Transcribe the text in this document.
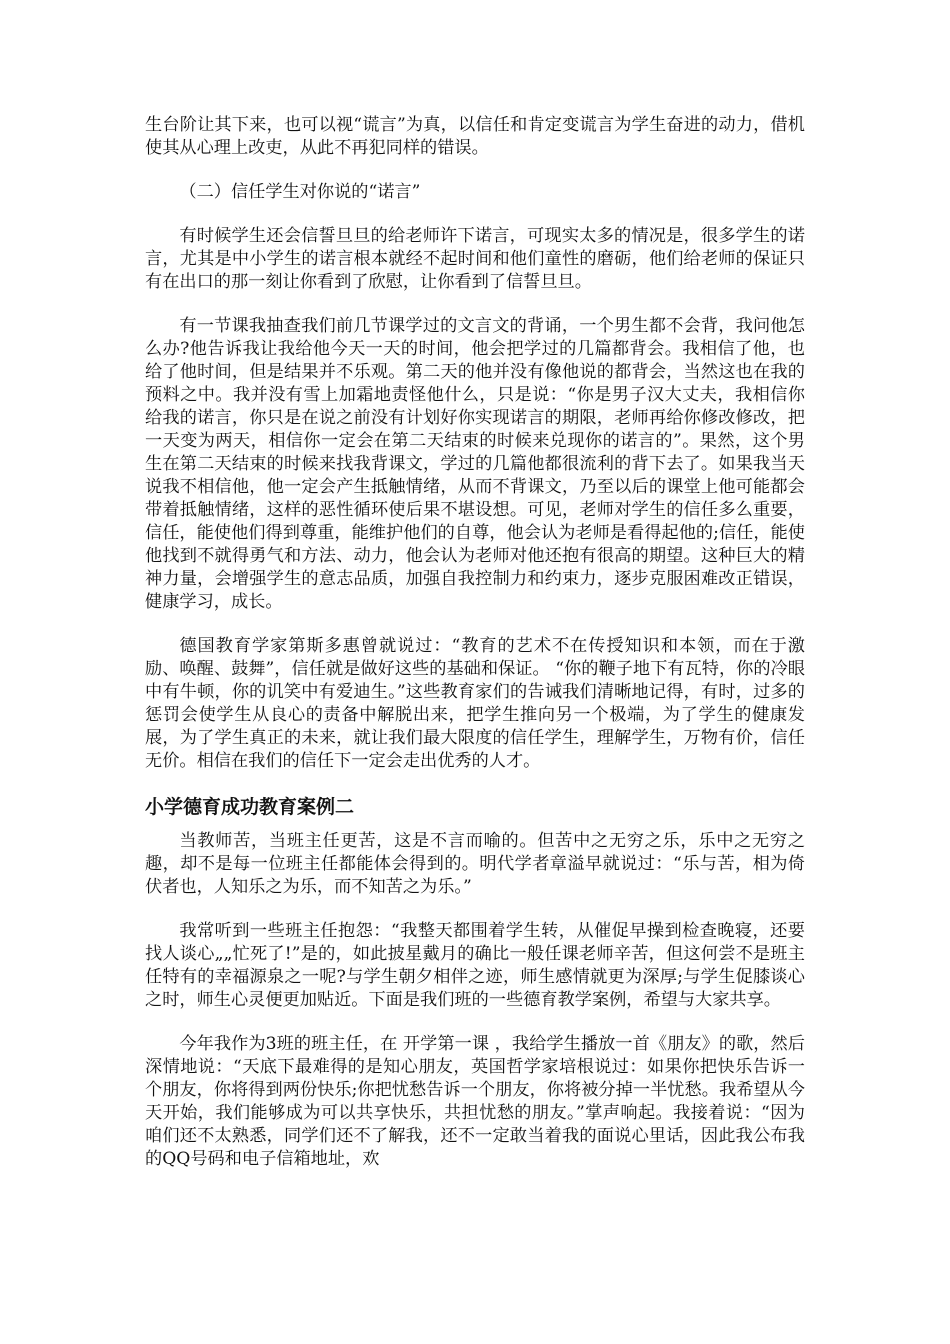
生台阶让其下来，也可以视“谎言”为真，以信任和肯定变谎言为学生奋进的动力，借机使其从心理上改吏，从此不再犯同样的错误。

（二）信任学生对你说的“诺言”

有时候学生还会信誓旦旦的给老师许下诺言，可现实太多的情况是，很多学生的诺言，尤其是中小学生的诺言根本就经不起时间和他们童性的磨砺，他们给老师的保证只有在出口的那一刻让你看到了欣慰，让你看到了信誓旦旦。

有一节课我抽查我们前几节课学过的文言文的背诵，一个男生都不会背，我问他怎么办?他告诉我让我给他今天一天的时间，他会把学过的几篇都背会。我相信了他，也给了他时间，但是结果并不乐观。第二天的他并没有像他说的都背会，当然这也在我的预料之中。我并没有雪上加霜地责怪他什么，只是说：“你是男子汉大丈夫，我相信你给我的诺言，你只是在说之前没有计划好你实现诺言的期限，老师再给你修改修改，把一天变为两天，相信你一定会在第二天结束的时候来兑现你的诺言的”。果然，这个男生在第二天结束的时候来找我背课文，学过的几篇他都很流利的背下去了。如果我当天说我不相信他，他一定会产生抵触情绪，从而不背课文，乃至以后的课堂上他可能都会带着抵触情绪，这样的恶性循环使后果不堪设想。可见，老师对学生的信任多么重要，信任，能使他们得到尊重，能维护他们的自尊，他会认为老师是看得起他的;信任，能使他找到不就得勇气和方法、动力，他会认为老师对他还抱有很高的期望。这种巨大的精神力量，会增强学生的意志品质，加强自我控制力和约束力，逐步克服困难改正错误，健康学习，成长。

德国教育学家第斯多惠曾就说过：“教育的艺术不在传授知识和本领，而在于激励、唤醒、鼓舞”，信任就是做好这些的基础和保证。 “你的鞭子地下有瓦特，你的冷眼中有牛顿，你的讥笑中有爱迪生。”这些教育家们的告诫我们清晰地记得，有时，过多的惩罚会使学生从良心的责备中解脱出来，把学生推向另一个极端，为了学生的健康发展，为了学生真正的未来，就让我们最大限度的信任学生，理解学生，万物有价，信任无价。相信在我们的信任下一定会走出优秀的人才。

小学德育成功教育案例二

当教师苦，当班主任更苦，这是不言而喻的。但苦中之无穷之乐，乐中之无穷之趣，却不是每一位班主任都能体会得到的。明代学者章溢早就说过：“乐与苦，相为倚伏者也，人知乐之为乐，而不知苦之为乐。”

我常听到一些班主任抱怨：“我整天都围着学生转，从催促早操到检查晚寝，还要找人谈心„„忙死了!”是的，如此披星戴月的确比一般任课老师辛苦，但这何尝不是班主任特有的幸福源泉之一呢?与学生朝夕相伴之迹，师生感情就更为深厚;与学生促膝谈心之时，师生心灵便更加贴近。下面是我们班的一些德育教学案例，希望与大家共享。

今年我作为3班的班主任，在 开学第一课 ，我给学生播放一首《朋友》的歌，然后深情地说：“天底下最难得的是知心朋友，英国哲学家培根说过：如果你把快乐告诉一个朋友，你将得到两份快乐;你把忧愁告诉一个朋友，你将被分掉一半忧愁。我希望从今天开始，我们能够成为可以共享快乐，共担忧愁的朋友。”掌声响起。我接着说：“因为咱们还不太熟悉，同学们还不了解我，还不一定敢当着我的面说心里话，因此我公布我的QQ号码和电子信箱地址，欢
